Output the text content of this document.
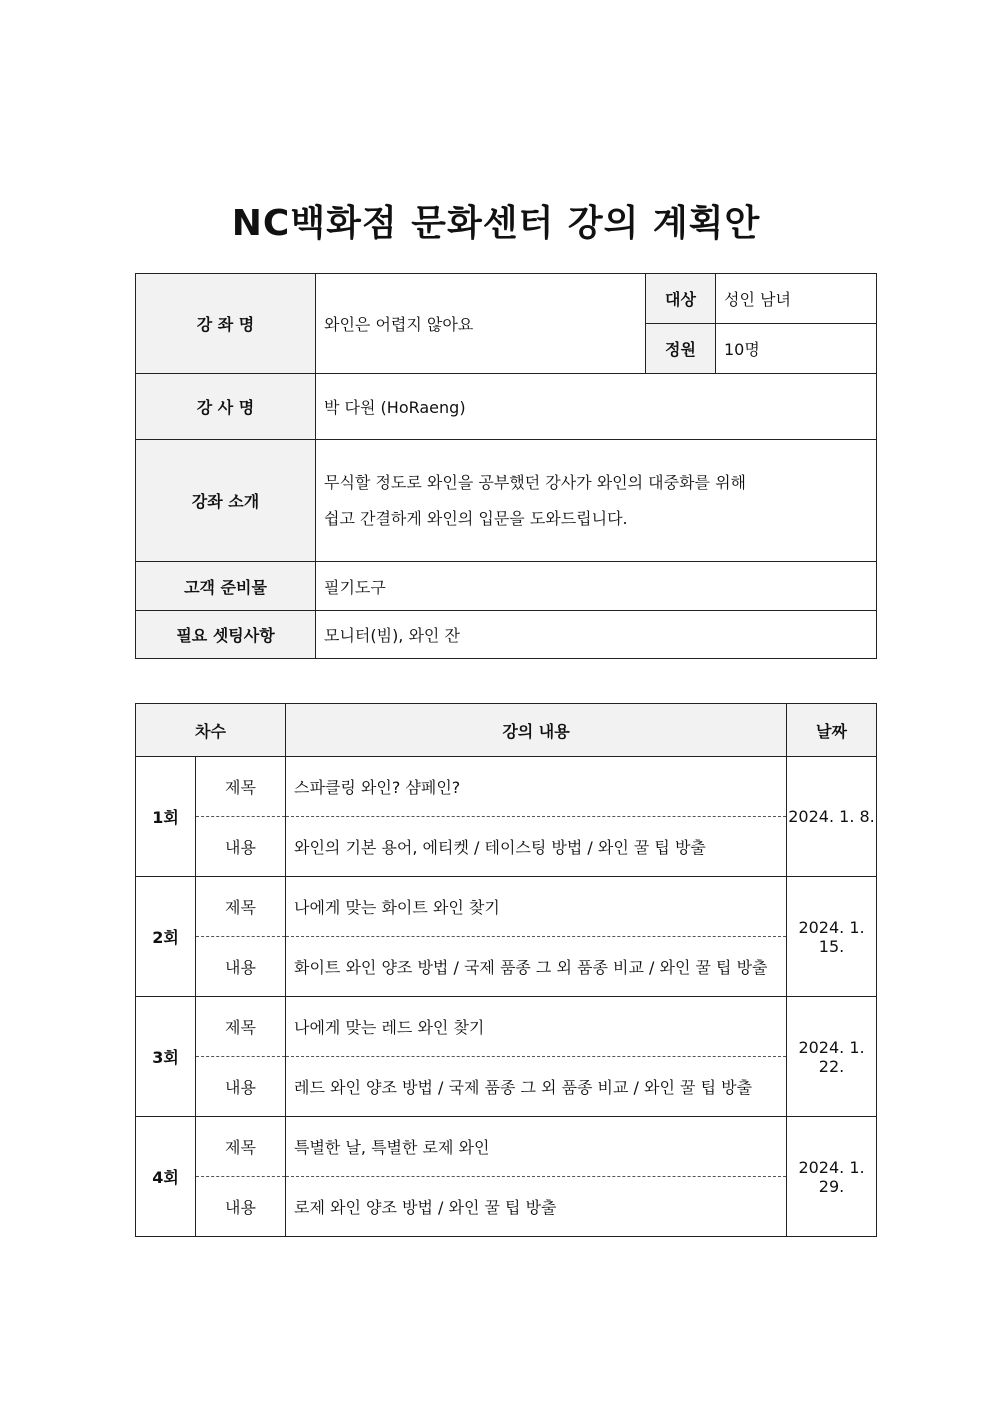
NC백화점 문화센터 강의 계획안
강 좌 명	와인은 어렵지 않아요	대상	성인 남녀
		정원	10명
강 사 명	박 다원 (HoRaeng)		
강좌 소개	무식할 정도로 와인을 공부했던 강사가 와인의 대중화를 위해
쉽고 간결하게 와인의 입문을 도와드립니다.		

고객 준비물	필기도구		
필요 셋팅사항	모니터(빔), 와인 잔		
차수		강의 내용	날짜
1회	제목	스파클링 와인? 샴페인?	2024. 1. 8.
	내용	와인의 기본 용어, 에티켓 / 테이스팅 방법 / 와인 꿀 팁 방출	
2회	제목	나에게 맞는 화이트 와인 찾기	2024. 1. 15.
	내용	화이트 와인 양조 방법 / 국제 품종 그 외 품종 비교 / 와인 꿀 팁 방출	
3회	제목	나에게 맞는 레드 와인 찾기	2024. 1. 22.
	내용	레드 와인 양조 방법 / 국제 품종 그 외 품종 비교 / 와인 꿀 팁 방출	
4회	제목	특별한 날, 특별한 로제 와인	2024. 1. 29.
	내용	로제 와인 양조 방법 / 와인 꿀 팁 방출	
